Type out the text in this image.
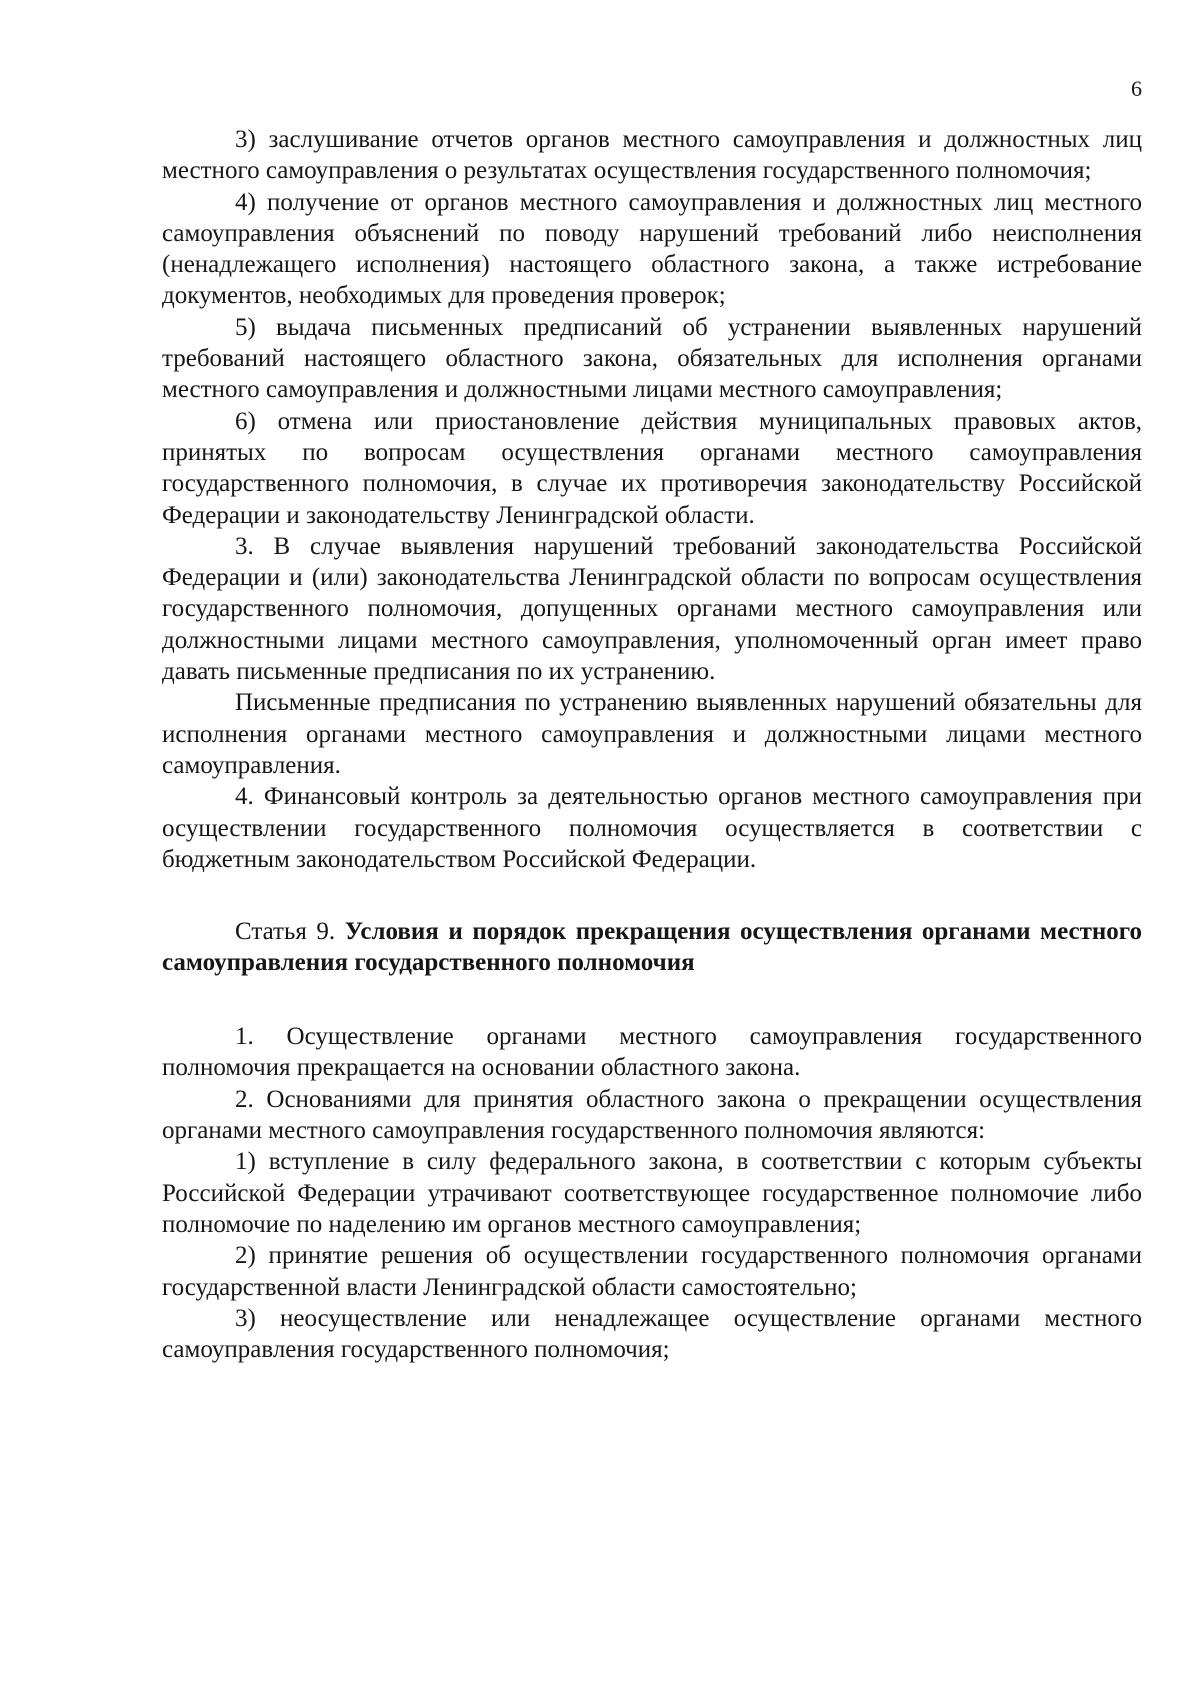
6

3) заслушивание отчетов органов местного самоуправления и должностных лиц местного самоуправления о результатах осуществления государственного полномочия;

4) получение от органов местного самоуправления и должностных лиц местного самоуправления объяснений по поводу нарушений требований либо неисполнения (ненадлежащего исполнения) настоящего областного закона, а также истребование документов, необходимых для проведения проверок;

5) выдача письменных предписаний об устранении выявленных нарушений требований настоящего областного закона, обязательных для исполнения органами местного самоуправления и должностными лицами местного самоуправления;

6) отмена или приостановление действия муниципальных правовых актов, принятых по вопросам осуществления органами местного самоуправления государственного полномочия, в случае их противоречия законодательству Российской Федерации и законодательству Ленинградской области.

3. В случае выявления нарушений требований законодательства Российской Федерации и (или) законодательства Ленинградской области по вопросам осуществления государственного полномочия, допущенных органами местного самоуправления или должностными лицами местного самоуправления, уполномоченный орган имеет право давать письменные предписания по их устранению.

Письменные предписания по устранению выявленных нарушений обязательны для исполнения органами местного самоуправления и должностными лицами местного самоуправления.

4. Финансовый контроль за деятельностью органов местного самоуправления при осуществлении государственного полномочия осуществляется в соответствии с бюджетным законодательством Российской Федерации.

Статья 9. Условия и порядок прекращения осуществления органами местного самоуправления государственного полномочия

1. Осуществление органами местного самоуправления государственного полномочия прекращается на основании областного закона.

2. Основаниями для принятия областного закона о прекращении осуществления органами местного самоуправления государственного полномочия являются:

1) вступление в силу федерального закона, в соответствии с которым субъекты Российской Федерации утрачивают соответствующее государственное полномочие либо полномочие по наделению им органов местного самоуправления;

2) принятие решения об осуществлении государственного полномочия органами государственной власти Ленинградской области самостоятельно;

3) неосуществление или ненадлежащее осуществление органами местного самоуправления государственного полномочия;
